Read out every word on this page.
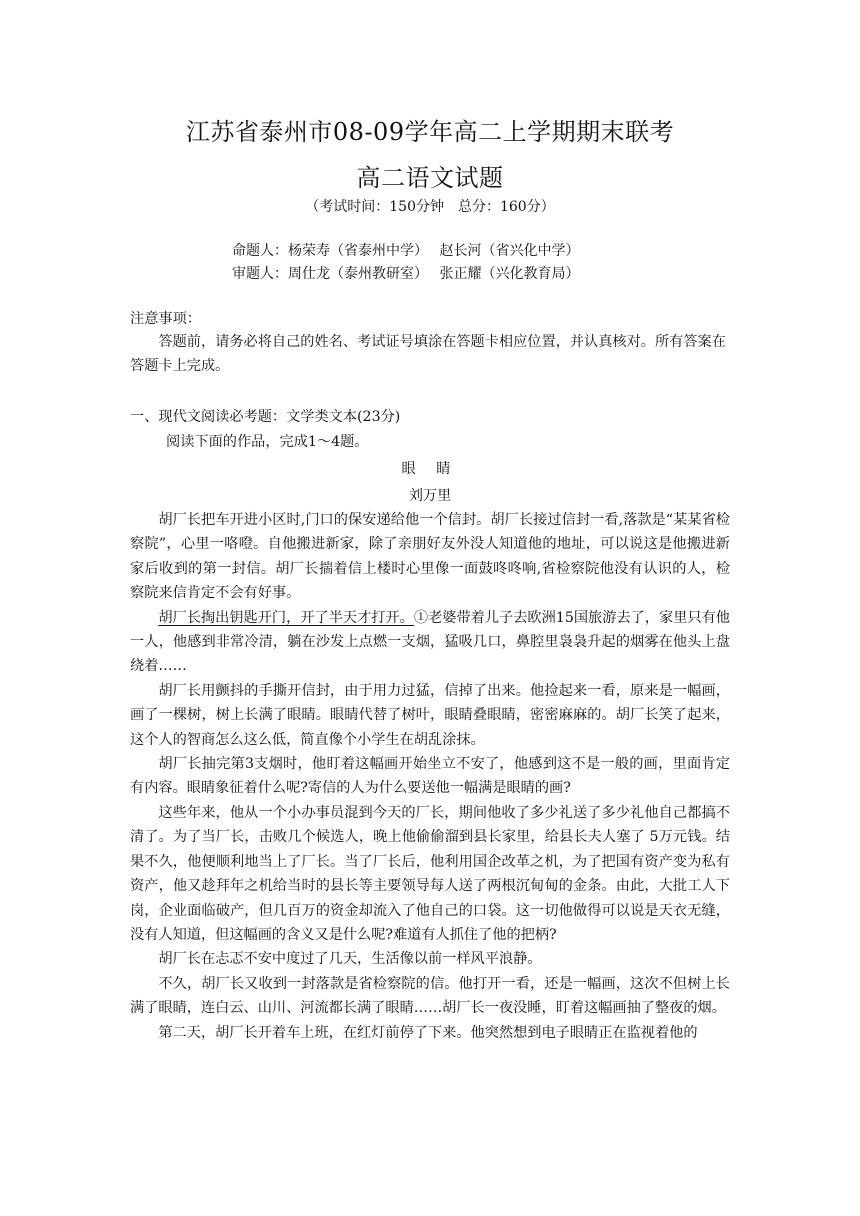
江苏省泰州市08-09学年高二上学期期末联考
高二语文试题
（考试时间：150分钟　总分：160分）
命题人：杨荣寿（省泰州中学）　 赵长河（省兴化中学）
审题人：周仕龙（泰州教研室）　 张正耀（兴化教育局）
注意事项：
答题前，请务必将自己的姓名、考试证号填涂在答题卡相应位置，并认真核对。所有答案在答题卡上完成。
一、现代文阅读必考题：文学类文本(23分)
阅读下面的作品，完成1～4题。
眼 睛
刘万里

胡厂长把车开进小区时,门口的保安递给他一个信封。胡厂长接过信封一看,落款是“某某省检察院”，心里一咯噔。自他搬进新家，除了亲朋好友外没人知道他的地址，可以说这是他搬进新家后收到的第一封信。胡厂长揣着信上楼时心里像一面鼓咚咚响,省检察院他没有认识的人，检察院来信肯定不会有好事。

胡厂长掏出钥匙开门，开了半天才打开。①老婆带着儿子去欧洲15国旅游去了，家里只有他一人，他感到非常冷清，躺在沙发上点燃一支烟，猛吸几口，鼻腔里袅袅升起的烟雾在他头上盘绕着……

胡厂长用颤抖的手撕开信封，由于用力过猛，信掉了出来。他捡起来一看，原来是一幅画，画了一棵树，树上长满了眼睛。眼睛代替了树叶，眼睛叠眼睛，密密麻麻的。胡厂长笑了起来，这个人的智商怎么这么低，简直像个小学生在胡乱涂抹。

胡厂长抽完第3支烟时，他盯着这幅画开始坐立不安了，他感到这不是一般的画，里面肯定有内容。眼睛象征着什么呢?寄信的人为什么要送他一幅满是眼睛的画?

这些年来，他从一个小办事员混到今天的厂长，期间他收了多少礼送了多少礼他自己都搞不清了。为了当厂长，击败几个候选人，晚上他偷偷溜到县长家里，给县长夫人塞了 5万元钱。结果不久，他便顺利地当上了厂长。当了厂长后，他利用国企改革之机，为了把国有资产变为私有资产，他又趁拜年之机给当时的县长等主要领导每人送了两根沉甸甸的金条。由此，大批工人下岗，企业面临破产，但几百万的资金却流入了他自己的口袋。这一切他做得可以说是天衣无缝，没有人知道，但这幅画的含义又是什么呢?难道有人抓住了他的把柄?

胡厂长在忐忑不安中度过了几天，生活像以前一样风平浪静。

不久，胡厂长又收到一封落款是省检察院的信。他打开一看，还是一幅画，这次不但树上长满了眼睛，连白云、山川、河流都长满了眼睛……胡厂长一夜没睡，盯着这幅画抽了整夜的烟。

第二天，胡厂长开着车上班，在红灯前停了下来。他突然想到电子眼睛正在监视着他的
